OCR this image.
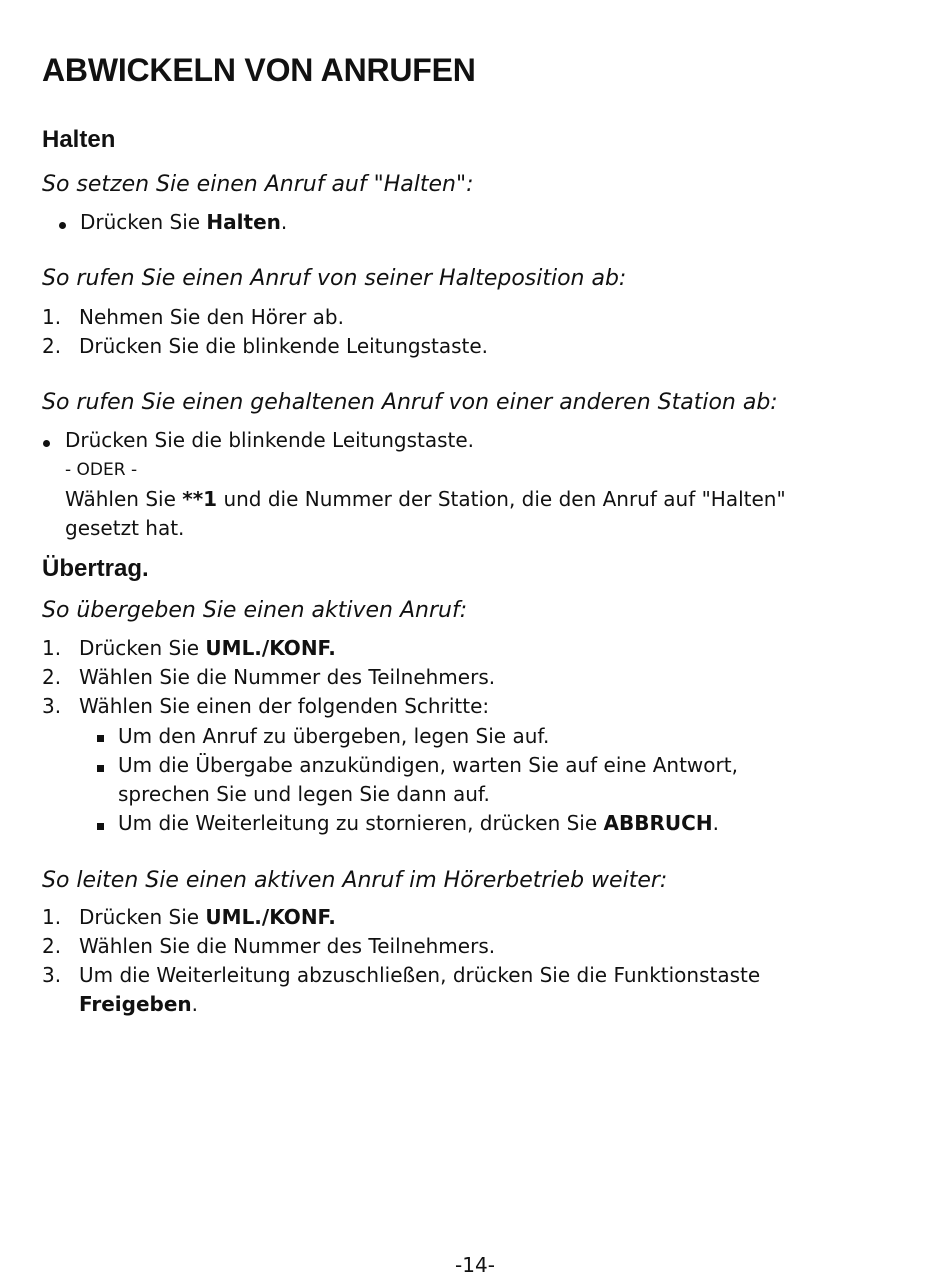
ABWICKELN VON ANRUFEN
Halten

So setzen Sie einen Anruf auf "Halten":

Drücken Sie Halten.

So rufen Sie einen Anruf von seiner Halteposition ab:

1. Nehmen Sie den Hörer ab.

2. Drücken Sie die blinkende Leitungstaste.

So rufen Sie einen gehaltenen Anruf von einer anderen Station ab:

Drücken Sie die blinkende Leitungstaste.

- ODER -

Wählen Sie **1 und die Nummer der Station, die den Anruf auf "Halten"

gesetzt hat.

Übertrag.

So übergeben Sie einen aktiven Anruf:

1. Drücken Sie UML./KONF.

2. Wählen Sie die Nummer des Teilnehmers.

3. Wählen Sie einen der folgenden Schritte:

Um den Anruf zu übergeben, legen Sie auf.

Um die Übergabe anzukündigen, warten Sie auf eine Antwort,

sprechen Sie und legen Sie dann auf.

Um die Weiterleitung zu stornieren, drücken Sie ABBRUCH.

So leiten Sie einen aktiven Anruf im Hörerbetrieb weiter:

1. Drücken Sie UML./KONF.

2. Wählen Sie die Nummer des Teilnehmers.

3. Um die Weiterleitung abzuschließen, drücken Sie die Funktionstaste

Freigeben.

-14-
